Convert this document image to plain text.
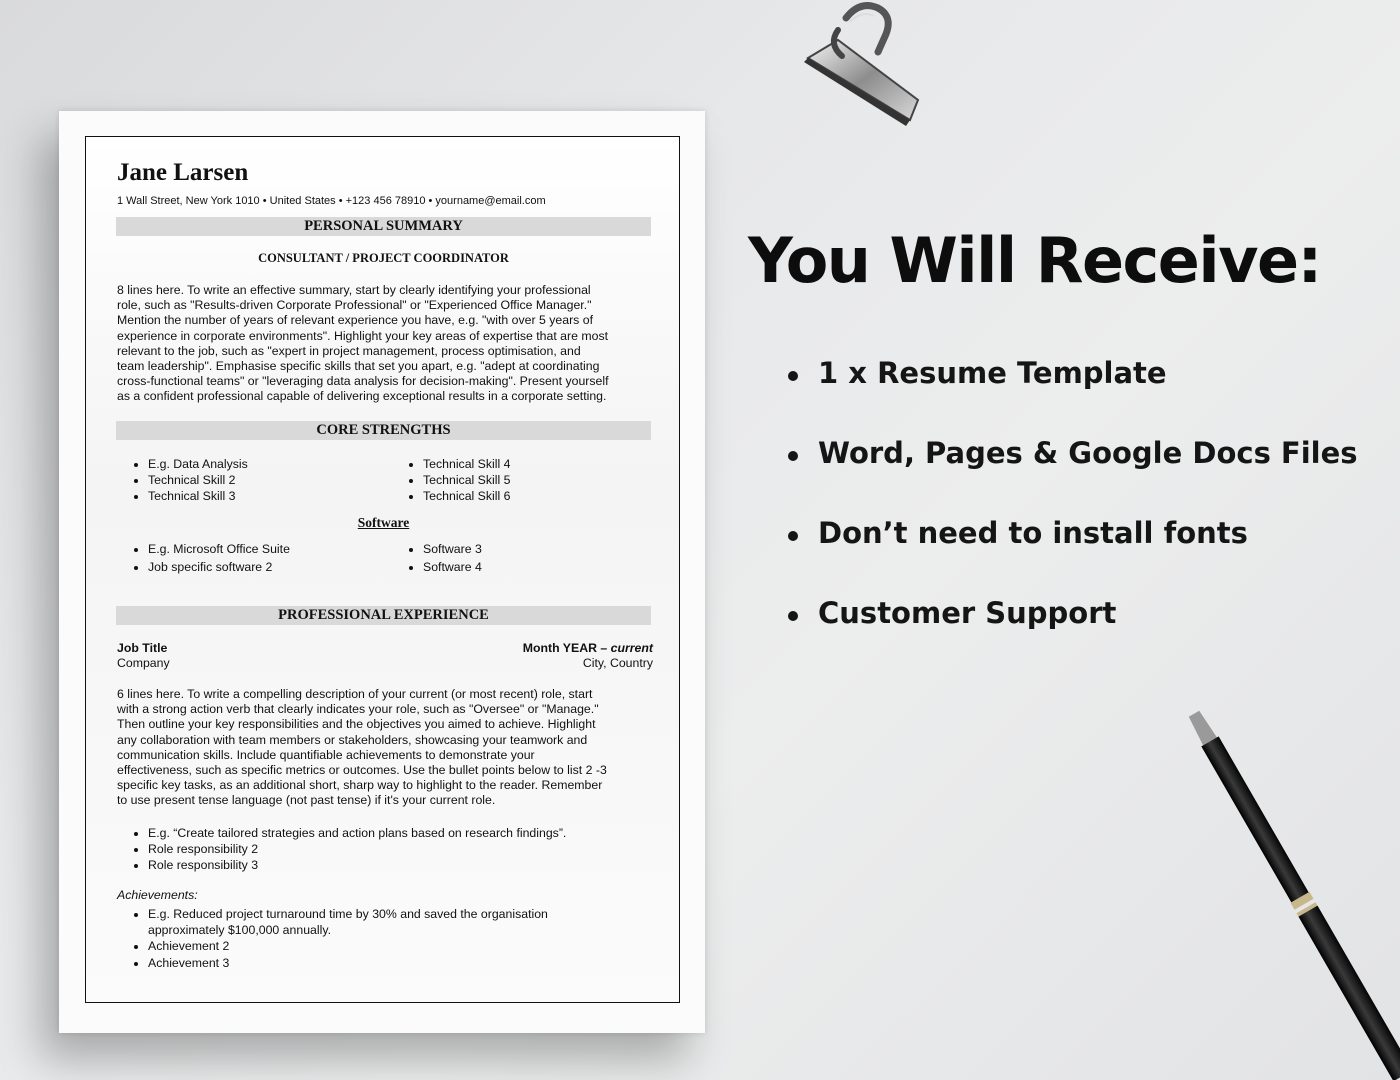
Jane Larsen

1 Wall Street, New York 1010 • United States • +123 456 78910 • yourname@email.com

PERSONAL SUMMARY
CONSULTANT / PROJECT COORDINATOR
8 lines here. To write an effective summary, start by clearly identifying your professional
role, such as "Results-driven Corporate Professional" or "Experienced Office Manager."
Mention the number of years of relevant experience you have, e.g. "with over 5 years of
experience in corporate environments". Highlight your key areas of expertise that are most
relevant to the job, such as "expert in project management, process optimisation, and
team leadership". Emphasise specific skills that set you apart, e.g. "adept at coordinating
cross-functional teams" or "leveraging data analysis for decision-making". Present yourself
as a confident professional capable of delivering exceptional results in a corporate setting.
CORE STRENGTHS
• E.g. Data Analysis
• Technical Skill 2
• Technical Skill 3
• Technical Skill 4
• Technical Skill 5
• Technical Skill 6
Software
• E.g. Microsoft Office Suite
• Job specific software 2
• Software 3
• Software 4
PROFESSIONAL EXPERIENCE
Job Title
Company
Month YEAR – current
City, Country
6 lines here. To write a compelling description of your current (or most recent) role, start
with a strong action verb that clearly indicates your role, such as "Oversee" or "Manage."
Then outline your key responsibilities and the objectives you aimed to achieve. Highlight
any collaboration with team members or stakeholders, showcasing your teamwork and
communication skills. Include quantifiable achievements to demonstrate your
effectiveness, such as specific metrics or outcomes. Use the bullet points below to list 2 -3
specific key tasks, as an additional short, sharp way to highlight to the reader. Remember
to use present tense language (not past tense) if it's your current role.
• E.g. “Create tailored strategies and action plans based on research findings”.
• Role responsibility 2
• Role responsibility 3

Achievements:

• E.g. Reduced project turnaround time by 30% and saved the organisation approximately $100,000 annually.
• Achievement 2
• Achievement 3
You Will Receive:
1 x Resume Template
Word, Pages & Google Docs Files
Don’t need to install fonts
Customer Support
